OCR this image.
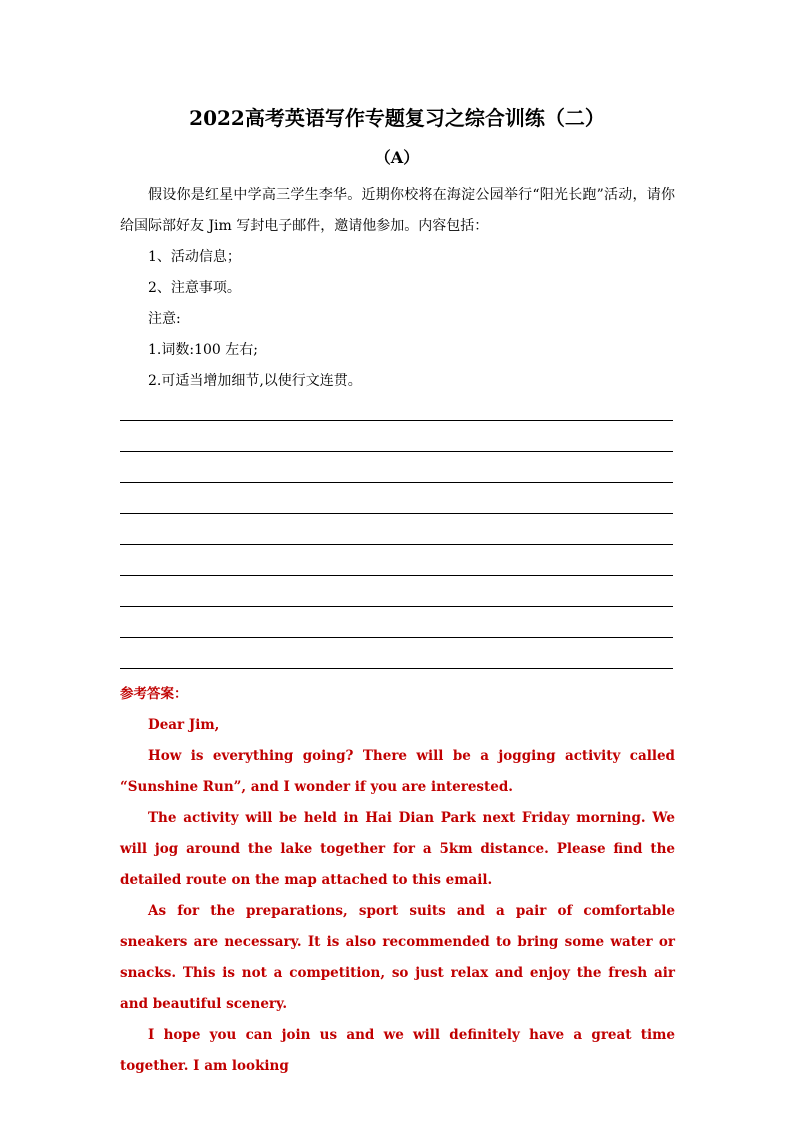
2022高考英语写作专题复习之综合训练（二）
（A）

假设你是红星中学高三学生李华。近期你校将在海淀公园举行“阳光长跑”活动，请你给国际部好友 Jim 写封电子邮件，邀请他参加。内容包括：

1、活动信息；

2、注意事项。

注意:

1.词数:100 左右;

2.可适当增加细节,以使行文连贯。

参考答案：

Dear Jim,

How is everything going? There will be a jogging activity called “Sunshine Run”, and I wonder if you are interested.

The activity will be held in Hai Dian Park next Friday morning. We will jog around the lake together for a 5km distance. Please find the detailed route on the map attached to this email.

As for the preparations, sport suits and a pair of comfortable sneakers are necessary. It is also recommended to bring some water or snacks. This is not a competition, so just relax and enjoy the fresh air and beautiful scenery.

I hope you can join us and we will definitely have a great time together. I am looking
